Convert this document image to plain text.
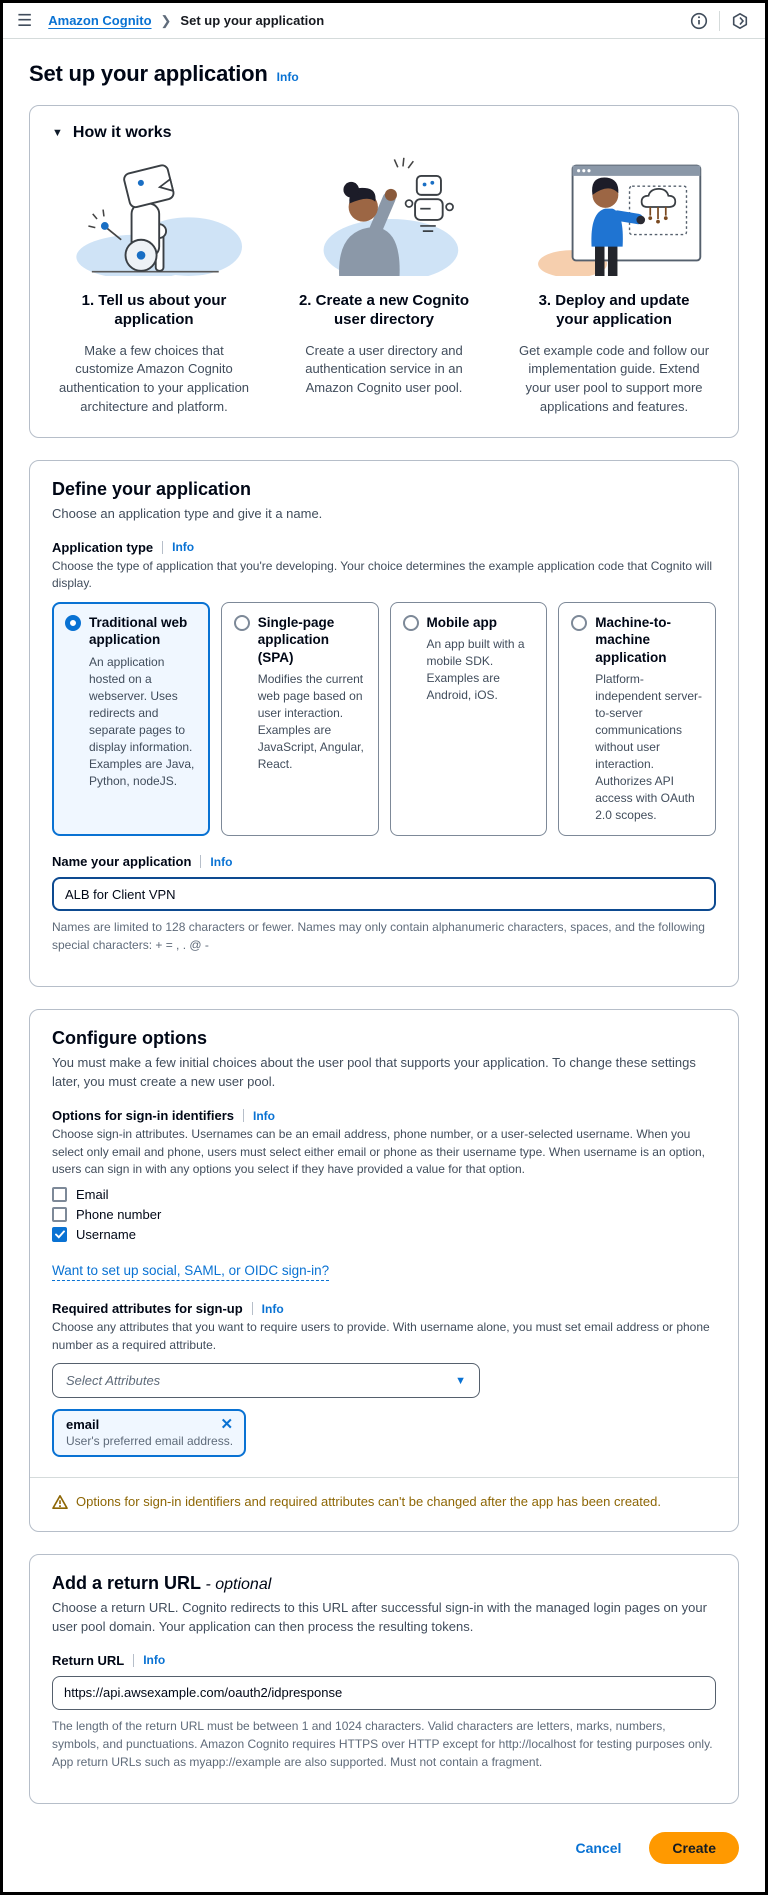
☰ Amazon Cognito ❯ Set up your application
Set up your application Info
▼ How it works
1. Tell us about your application
Make a few choices that customize Amazon Cognito authentication to your application architecture and platform.
2. Create a new Cognito user directory
Create a user directory and authentication service in an Amazon Cognito user pool.
3. Deploy and update your application
Get example code and follow our implementation guide. Extend your user pool to support more applications and features.
Define your application

Choose an application type and give it a name.

Application type Info

Choose the type of application that you're developing. Your choice determines the example application code that Cognito will display.

Traditional web application
An application hosted on a webserver. Uses redirects and separate pages to display information. Examples are Java, Python, nodeJS.
Single-page application (SPA)
Modifies the current web page based on user interaction. Examples are JavaScript, Angular, React.
Mobile app
An app built with a mobile SDK. Examples are Android, iOS.
Machine-to-machine application
Platform-independent server-to-server communications without user interaction. Authorizes API access with OAuth 2.0 scopes.
Name your application Info
ALB for Client VPN

Names are limited to 128 characters or fewer. Names may only contain alphanumeric characters, spaces, and the following special characters: + = , . @ -

Configure options

You must make a few initial choices about the user pool that supports your application. To change these settings later, you must create a new user pool.

Options for sign-in identifiers Info

Choose sign-in attributes. Usernames can be an email address, phone number, or a user-selected username. When you select only email and phone, users must select either email or phone as their username type. When username is an option, users can sign in with any options you select if they have provided a value for that option.

Email
Phone number
Username
Want to set up social, SAML, or OIDC sign-in?
Required attributes for sign-up Info

Choose any attributes that you want to require users to provide. With username alone, you must set email address or phone number as a required attribute.

Select Attributes	▼
email	✕
User's preferred email address.
Options for sign-in identifiers and required attributes can't be changed after the app has been created.
Add a return URL - optional

Choose a return URL. Cognito redirects to this URL after successful sign-in with the managed login pages on your user pool domain. Your application can then process the resulting tokens.

Return URL Info
https://api.awsexample.com/oauth2/idpresponse

The length of the return URL must be between 1 and 1024 characters. Valid characters are letters, marks, numbers, symbols, and punctuations. Amazon Cognito requires HTTPS over HTTP except for http://localhost for testing purposes only. App return URLs such as myapp://example are also supported. Must not contain a fragment.

Cancel	Create
